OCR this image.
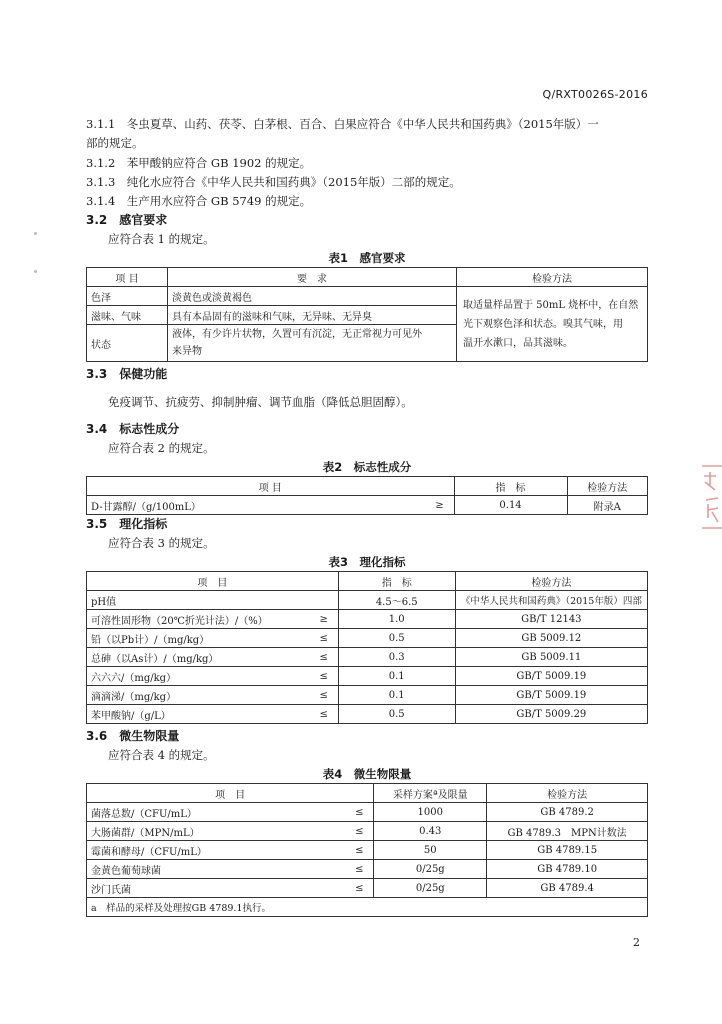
Q/RXT0026S-2016
3.1.1　冬虫夏草、山药、茯苓、白茅根、百合、白果应符合《中华人民共和国药典》（2015年版）一
部的规定。
3.1.2　苯甲酸钠应符合 GB 1902 的规定。
3.1.3　纯化水应符合《中华人民共和国药典》（2015年版）二部的规定。
3.1.4　生产用水应符合 GB 5749 的规定。
3.2　感官要求
应符合表 1 的规定。
表1　感官要求
项 目	要　求	检验方法
色泽	淡黄色或淡黄褐色	取适量样品置于 50mL 烧杯中，在自然
光下观察色泽和状态。嗅其气味，用
温开水漱口，品其滋味。

滋味、气味	具有本品固有的滋味和气味，无异味、无异臭	
状态	液体，有少许片状物，久置可有沉淀，无正常视力可见外
来异物	
3.3　保健功能
免疫调节、抗疲劳、抑制肿瘤、调节血脂（降低总胆固醇）。
3.4　标志性成分
应符合表 2 的规定。
表2　标志性成分
项 目		指　标	检验方法
D-甘露醇/（g/100mL）	≥	0.14	附录A
3.5　理化指标
应符合表 3 的规定。
表3　理化指标
项　目		指　标	检验方法
pH值		4.5～6.5	《中华人民共和国药典》（2015年版）四部
可溶性固形物（20℃折光计法）/（%）	≥	1.0	GB/T 12143
铅（以Pb计）/（mg/kg）	≤	0.5	GB 5009.12
总砷（以As计）/（mg/kg）	≤	0.3	GB 5009.11
六六六/（mg/kg）	≤	0.1	GB/T 5009.19
滴滴涕/（mg/kg）	≤	0.1	GB/T 5009.19
苯甲酸钠/（g/L）	≤	0.5	GB/T 5009.29
3.6　微生物限量
应符合表 4 的规定。
表4　微生物限量
项　目		采样方案ª及限量	检验方法
菌落总数/（CFU/mL）	≤	1000	GB 4789.2
大肠菌群/（MPN/mL）	≤	0.43	GB 4789.3　MPN计数法
霉菌和酵母/（CFU/mL）	≤	50	GB 4789.15
金黄色葡萄球菌	≤	0/25g	GB 4789.10
沙门氏菌	≤	0/25g	GB 4789.4
a　样品的采样及处理按GB 4789.1执行。			
2
